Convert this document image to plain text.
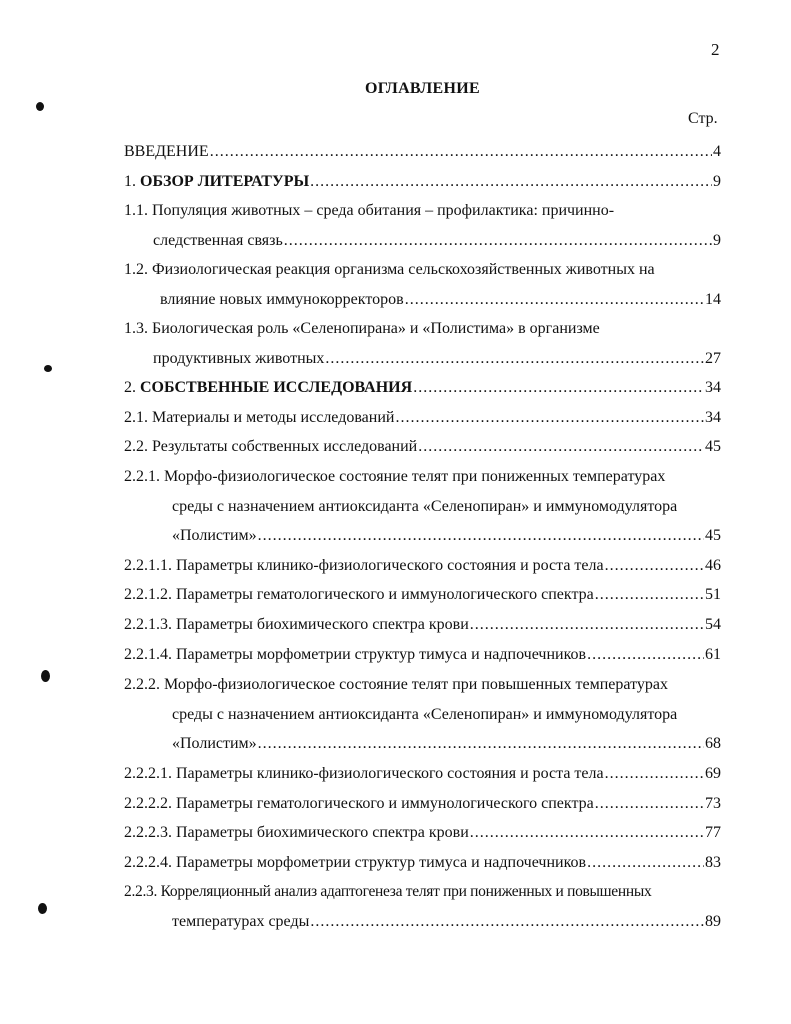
2
ОГЛАВЛЕНИЕ
Стр.
ВВЕДЕНИЕ .....	4
1. ОБЗОР ЛИТЕРАТУРЫ .....	9
1.1. Популяция животных – среда обитания – профилактика: причинно-
следственная связь .....	9
1.2. Физиологическая реакция организма сельскохозяйственных животных на
влияние новых иммунокорректоров .....	14
1.3. Биологическая роль «Селенопирана» и «Полистима» в организме
продуктивных животных .....	27
2. СОБСТВЕННЫЕ ИССЛЕДОВАНИЯ .....	34
2.1. Материалы и методы исследований .....	34
2.2. Результаты собственных исследований .....	45
2.2.1. Морфо-физиологическое состояние телят при пониженных температурах
среды с назначением антиоксиданта «Селенопиран» и иммуномодулятора
«Полистим» .....	45
2.2.1.1. Параметры клинико-физиологического состояния и роста тела .....	46
2.2.1.2. Параметры гематологического и иммунологического спектра .....	51
2.2.1.3. Параметры биохимического спектра крови .....	54
2.2.1.4. Параметры морфометрии структур тимуса и надпочечников .....	61
2.2.2. Морфо-физиологическое состояние телят при повышенных температурах
среды с назначением антиоксиданта «Селенопиран» и иммуномодулятора
«Полистим» .....	68
2.2.2.1. Параметры клинико-физиологического состояния и роста тела .....	69
2.2.2.2. Параметры гематологического и иммунологического спектра .....	73
2.2.2.3. Параметры биохимического спектра крови .....	77
2.2.2.4. Параметры морфометрии структур тимуса и надпочечников .....	83
2.2.3. Корреляционный анализ адаптогенеза телят при пониженных и повышенных
температурах среды .....	89
